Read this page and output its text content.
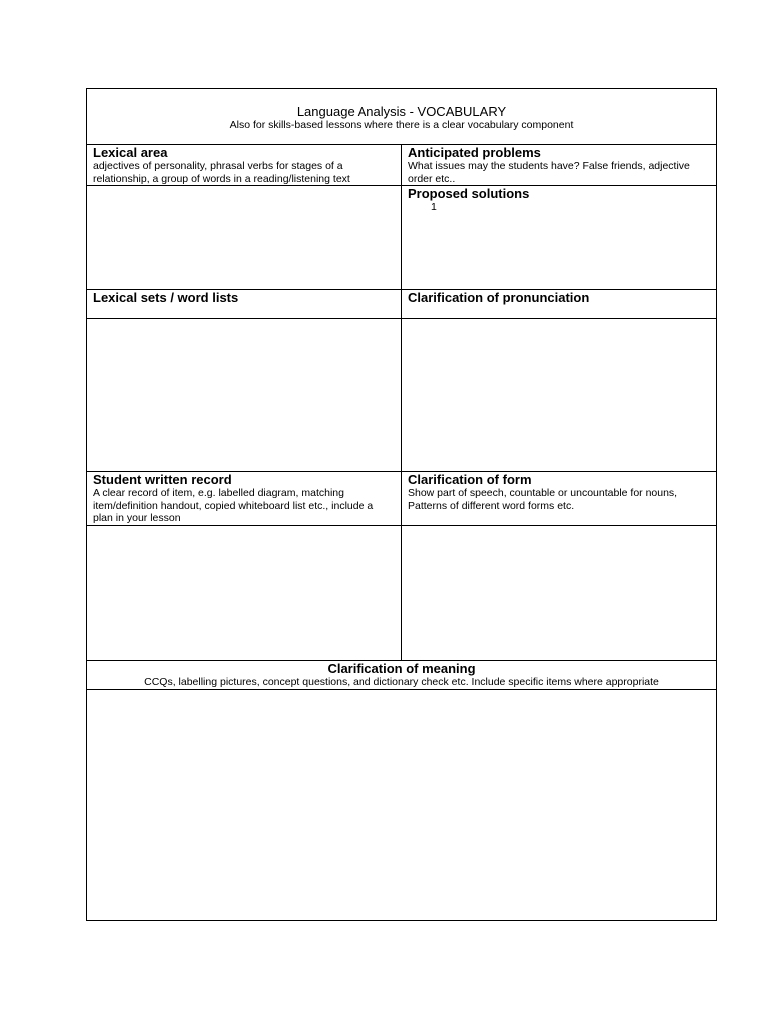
Language Analysis - VOCABULARY
Also for skills-based lessons where there is a clear vocabulary component
Lexical area
adjectives of personality, phrasal verbs for stages of a relationship, a group of words in a reading/listening text
Anticipated problems
What issues may the students have? False friends, adjective order etc..
Proposed solutions
1
Lexical sets / word lists	Clarification of pronunciation
Student written record
A clear record of item, e.g. labelled diagram, matching item/definition handout, copied whiteboard list etc., include a plan in your lesson
Clarification of form
Show part of speech, countable or uncountable for nouns, Patterns of different word forms etc.
Clarification of meaning
CCQs, labelling pictures, concept questions, and dictionary check etc. Include specific items where appropriate
